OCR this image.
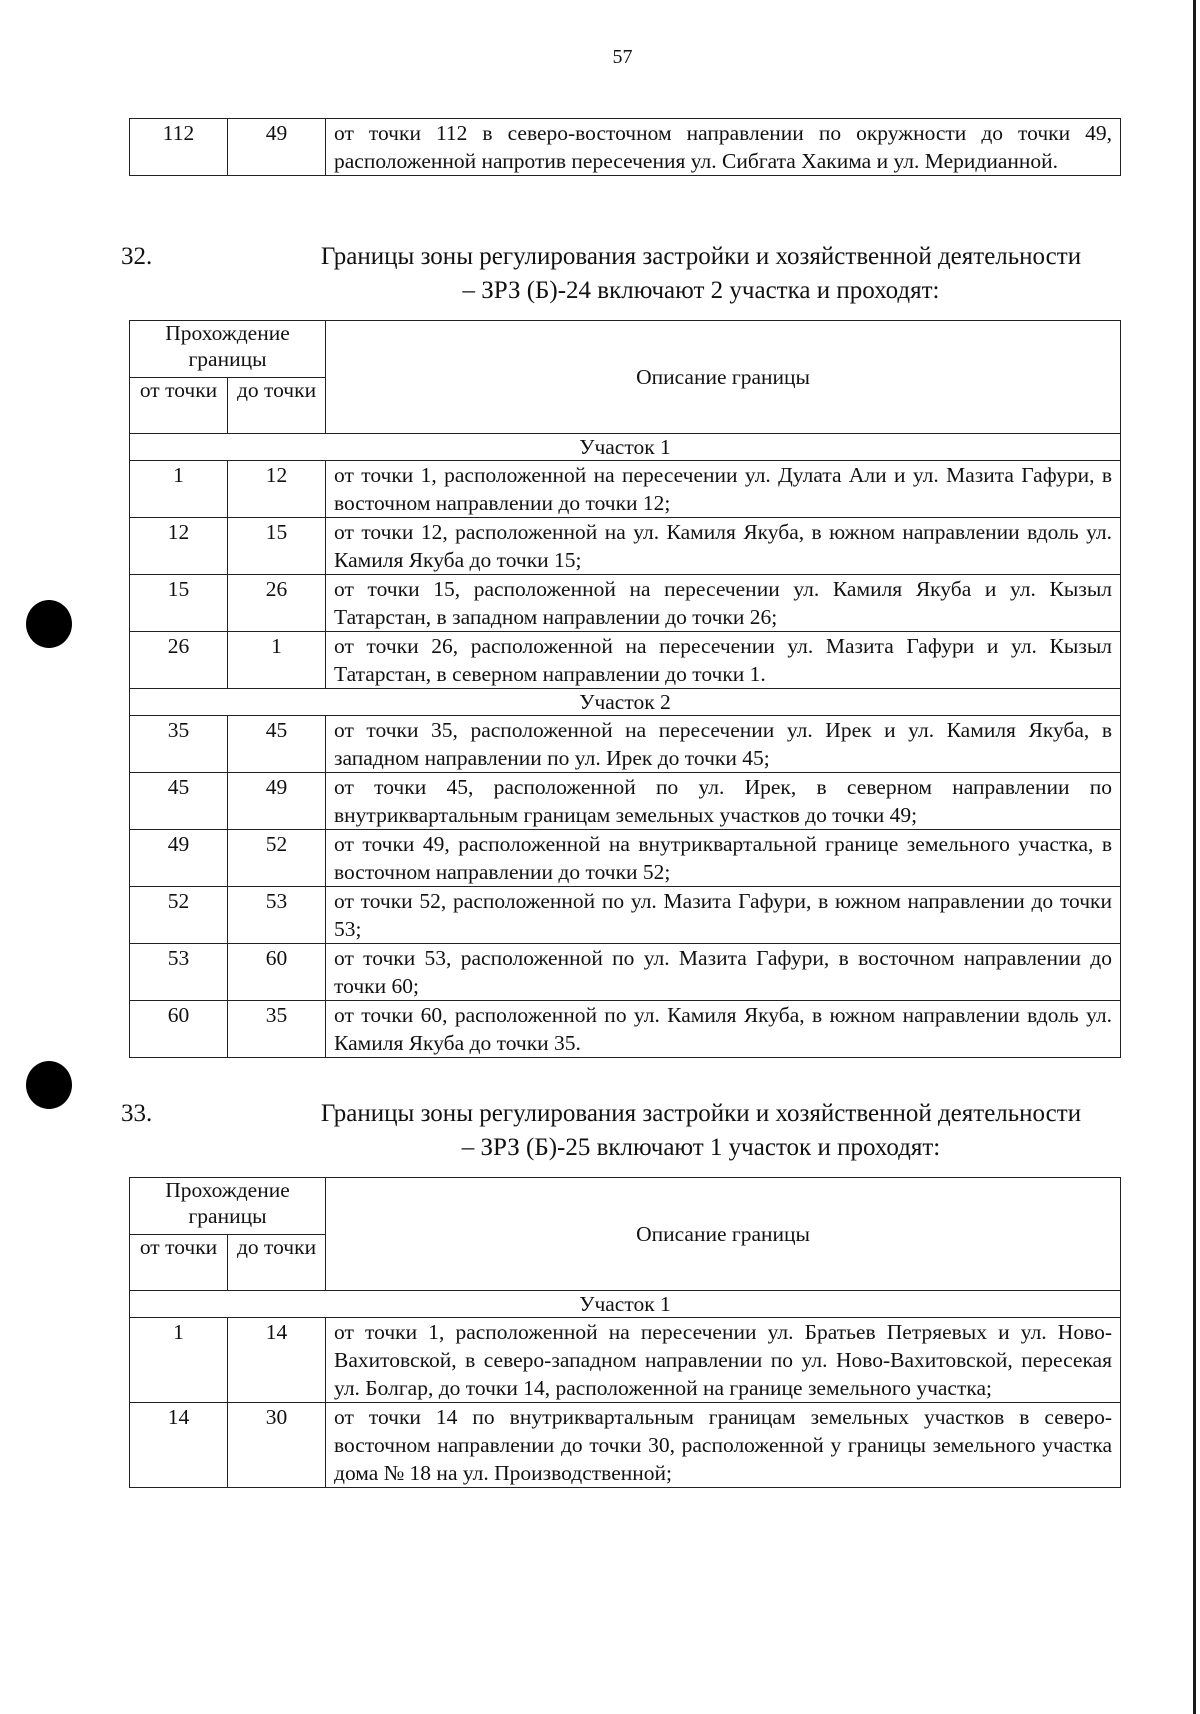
57
112	49	от точки 112 в северо-восточном направлении по окружности до точки 49, расположенной напротив пересечения ул. Сибгата Хакима и ул. Меридианной.
32.	Границы зоны регулирования застройки и хозяйственной деятельности
– ЗРЗ (Б)-24 включают 2 участка и проходят:
Прохождение границы		Описание границы
от точки	до точки	
Участок 1		
1	12	от точки 1, расположенной на пересечении ул. Дулата Али и ул. Мазита Гафури, в восточном направлении до точки 12;
12	15	от точки 12, расположенной на ул. Камиля Якуба, в южном направлении вдоль ул. Камиля Якуба до точки 15;
15	26	от точки 15, расположенной на пересечении ул. Камиля Якуба и ул. Кызыл Татарстан, в западном направлении до точки 26;
26	1	от точки 26, расположенной на пересечении ул. Мазита Гафури и ул. Кызыл Татарстан, в северном направлении до точки 1.
Участок 2		
35	45	от точки 35, расположенной на пересечении ул. Ирек и ул. Камиля Якуба, в западном направлении по ул. Ирек до точки 45;
45	49	от точки 45, расположенной по ул. Ирек, в северном направлении по внутриквартальным границам земельных участков до точки 49;
49	52	от точки 49, расположенной на внутриквартальной границе земельного участка, в восточном направлении до точки 52;
52	53	от точки 52, расположенной по ул. Мазита Гафури, в южном направлении до точки 53;
53	60	от точки 53, расположенной по ул. Мазита Гафури, в восточном направлении до точки 60;
60	35	от точки 60, расположенной по ул. Камиля Якуба, в южном направлении вдоль ул. Камиля Якуба до точки 35.
33.	Границы зоны регулирования застройки и хозяйственной деятельности
– ЗРЗ (Б)-25 включают 1 участок и проходят:
Прохождение границы		Описание границы
от точки	до точки	
Участок 1		
1	14	от точки 1, расположенной на пересечении ул. Братьев Петряевых и ул. Ново-Вахитовской, в северо-западном направлении по ул. Ново-Вахитовской, пересекая ул. Болгар, до точки 14, расположенной на границе земельного участка;
14	30	от точки 14 по внутриквартальным границам земельных участков в северо-восточном направлении до точки 30, расположенной у границы земельного участка дома № 18 на ул. Производственной;
